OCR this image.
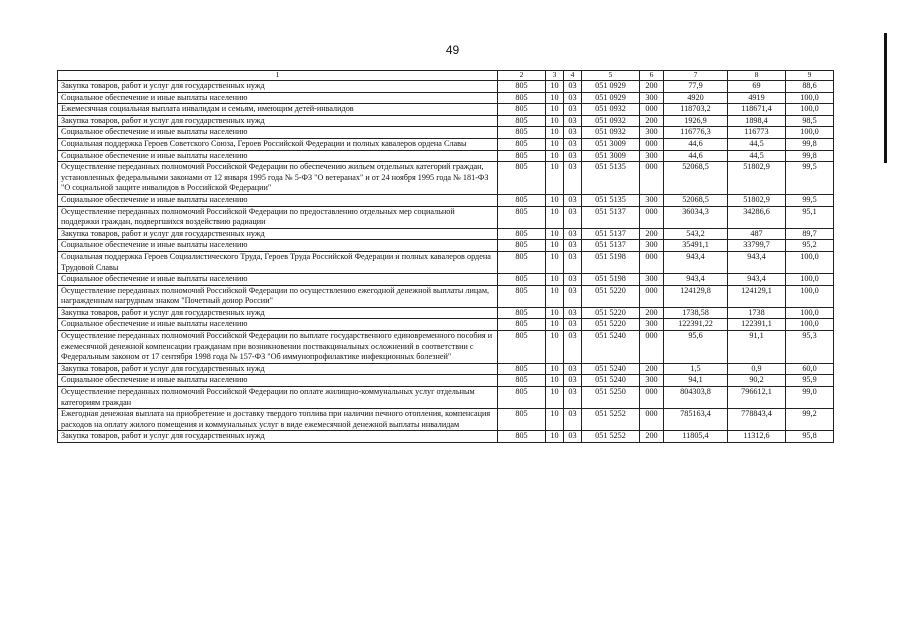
49
1	2	3	4	5	6	7	8	9
Закупка товаров, работ и услуг для государственных нужд	805	10	03	051 0929	200	77,9	69	88,6
Социальное обеспечение и иные выплаты населению	805	10	03	051 0929	300	4920	4919	100,0
Ежемесячная социальная выплата инвалидам и семьям, имеющим детей-инвалидов	805	10	03	051 0932	000	118703,2	118671,4	100,0
Закупка товаров, работ и услуг для государственных нужд	805	10	03	051 0932	200	1926,9	1898,4	98,5
Социальное обеспечение и иные выплаты населению	805	10	03	051 0932	300	116776,3	116773	100,0
Социальная поддержка Героев Советского Союза, Героев Российской Федерации и полных кавалеров ордена Славы	805	10	03	051 3009	000	44,6	44,5	99,8
Социальное обеспечение и иные выплаты населению	805	10	03	051 3009	300	44,6	44,5	99,8
Осуществление переданных полномочий Российской Федерации по обеспечению жильем отдельных категорий граждан, установленных федеральными законами от 12 января 1995 года № 5-ФЗ "О ветеранах" и от 24 ноября 1995 года № 181-ФЗ "О социальной защите инвалидов в Российской Федерации"	805	10	03	051 5135	000	52068,5	51802,9	99,5
Социальное обеспечение и иные выплаты населению	805	10	03	051 5135	300	52068,5	51802,9	99,5
Осуществление переданных полномочий Российской Федерации по предоставлению отдельных мер социальной поддержки граждан, подвергшихся воздействию радиации	805	10	03	051 5137	000	36034,3	34286,6	95,1
Закупка товаров, работ и услуг для государственных нужд	805	10	03	051 5137	200	543,2	487	89,7
Социальное обеспечение и иные выплаты населению	805	10	03	051 5137	300	35491,1	33799,7	95,2
Социальная поддержка Героев Социалистического Труда, Героев Труда Российской Федерации и полных кавалеров ордена Трудовой Славы	805	10	03	051 5198	000	943,4	943,4	100,0
Социальное обеспечение и иные выплаты населению	805	10	03	051 5198	300	943,4	943,4	100,0
Осуществление переданных полномочий Российской Федерации по осуществлению ежегодной денежной выплаты лицам, награжденным нагрудным знаком "Почетный донор России"	805	10	03	051 5220	000	124129,8	124129,1	100,0
Закупка товаров, работ и услуг для государственных нужд	805	10	03	051 5220	200	1738,58	1738	100,0
Социальное обеспечение и иные выплаты населению	805	10	03	051 5220	300	122391,22	122391,1	100,0
Осуществление переданных полномочий Российской Федерации по выплате государственного единовременного пособия и ежемесячной денежной компенсации гражданам при возникновении поствакцинальных осложнений в соответствии с Федеральным законом от 17 сентября 1998 года № 157-ФЗ "Об иммунопрофилактике инфекционных болезней"	805	10	03	051 5240	000	95,6	91,1	95,3
Закупка товаров, работ и услуг для государственных нужд	805	10	03	051 5240	200	1,5	0,9	60,0
Социальное обеспечение и иные выплаты населению	805	10	03	051 5240	300	94,1	90,2	95,9
Осуществление переданных полномочий Российской Федерации по оплате жилищно-коммунальных услуг отдельным категориям граждан	805	10	03	051 5250	000	804303,8	796612,1	99,0
Ежегодная денежная выплата на приобретение и доставку твердого топлива при наличии печного отопления, компенсация расходов на оплату жилого помещения и коммунальных услуг в виде ежемесячной денежной выплаты инвалидам	805	10	03	051 5252	000	785163,4	778843,4	99,2
Закупка товаров, работ и услуг для государственных нужд	805	10	03	051 5252	200	11805,4	11312,6	95,8
